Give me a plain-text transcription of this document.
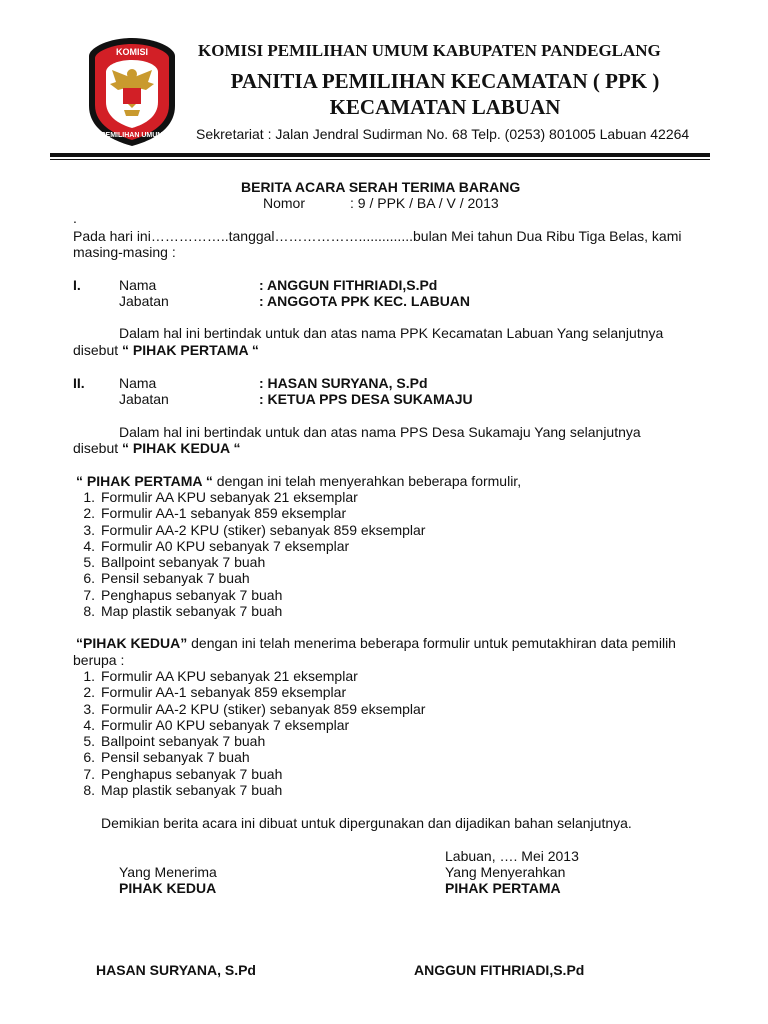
KOMISI
PEMILIHAN UMUM
KOMISI PEMILIHAN UMUM KABUPATEN PANDEGLANG
PANITIA PEMILIHAN KECAMATAN ( PPK )
KECAMATAN LABUAN
Sekretariat : Jalan Jendral Sudirman No. 68 Telp. (0253) 801005 Labuan 42264
BERITA ACARA SERAH TERIMA BARANG
Nomor	: 9 / PPK / BA / V / 2013
.
Pada hari ini……………..tanggal………………..............bulan Mei tahun Dua Ribu Tiga Belas, kami
masing-masing :
I.	Nama	: ANGGUN FITHRIADI,S.Pd
Jabatan	: ANGGOTA PPK KEC. LABUAN
Dalam hal ini bertindak untuk dan atas nama PPK Kecamatan Labuan Yang selanjutnya
disebut “ PIHAK PERTAMA “
II. Nama	: HASAN SURYANA, S.Pd
Jabatan	: KETUA PPS DESA SUKAMAJU
Dalam hal ini bertindak untuk dan atas nama PPS Desa Sukamaju Yang selanjutnya
disebut “ PIHAK KEDUA “
“ PIHAK PERTAMA “ dengan ini telah menyerahkan beberapa formulir,
1. Formulir AA KPU sebanyak 21 eksemplar
2. Formulir AA-1 sebanyak 859 eksemplar
3. Formulir AA-2 KPU (stiker) sebanyak 859 eksemplar
4. Formulir A0 KPU sebanyak 7 eksemplar
5. Ballpoint sebanyak 7 buah
6. Pensil sebanyak 7 buah
7. Penghapus sebanyak 7 buah
8. Map plastik sebanyak 7 buah
“PIHAK KEDUA” dengan ini telah menerima beberapa formulir untuk pemutakhiran data pemilih
berupa :
1. Formulir AA KPU sebanyak 21 eksemplar
2. Formulir AA-1 sebanyak 859 eksemplar
3. Formulir AA-2 KPU (stiker) sebanyak 859 eksemplar
4. Formulir A0 KPU sebanyak 7 eksemplar
5. Ballpoint sebanyak 7 buah
6. Pensil sebanyak 7 buah
7. Penghapus sebanyak 7 buah
8. Map plastik sebanyak 7 buah
Demikian berita acara ini dibuat untuk dipergunakan dan dijadikan bahan selanjutnya.
Labuan, …. Mei 2013
Yang Menerima	Yang Menyerahkan
PIHAK KEDUA	PIHAK PERTAMA
HASAN SURYANA, S.Pd	ANGGUN FITHRIADI,S.Pd
